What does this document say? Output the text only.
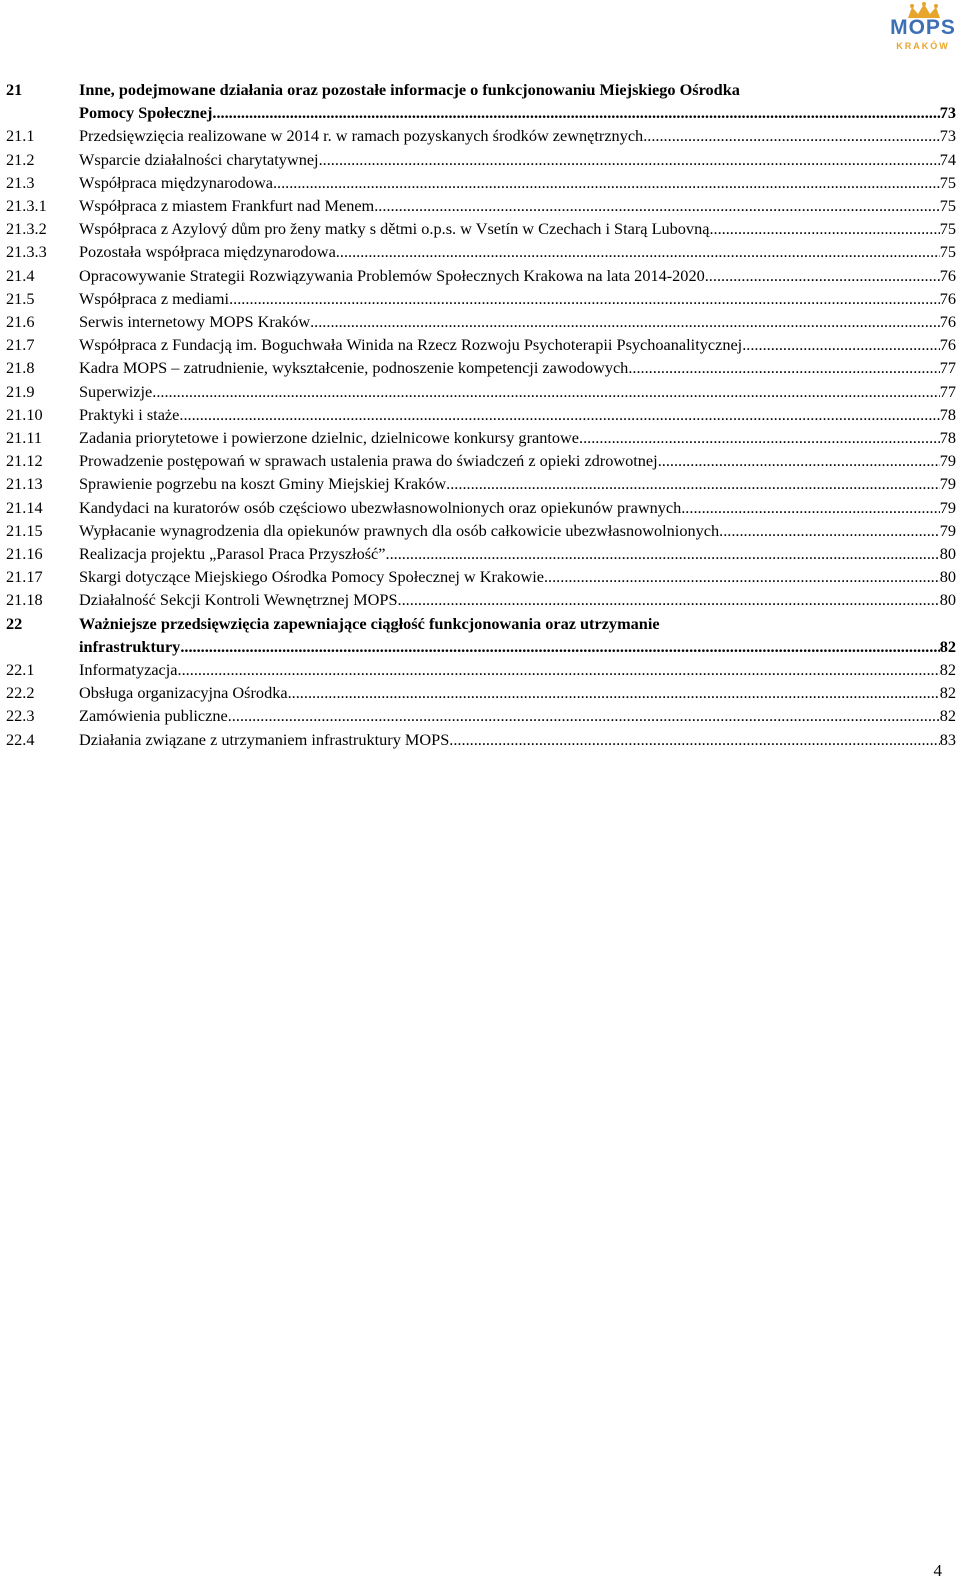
MOPS
KRAKÓW
21	Inne, podejmowane działania oraz pozostałe informacje o funkcjonowaniu Miejskiego Ośrodka
Pomocy Społecznej .....	73
21.1	Przedsięwzięcia realizowane w 2014 r. w ramach pozyskanych środków zewnętrznych .....	73
21.2	Wsparcie działalności charytatywnej .....	74
21.3	Współpraca międzynarodowa .....	75
21.3.1	Współpraca z miastem Frankfurt nad Menem .....	75
21.3.2	Współpraca z Azylový dům pro ženy matky s dětmi o.p.s. w Vsetín w Czechach i Starą Lubovną .....	75
21.3.3	Pozostała współpraca międzynarodowa .....	75
21.4	Opracowywanie Strategii Rozwiązywania Problemów Społecznych Krakowa na lata 2014-2020 .....	76
21.5	Współpraca z mediami .....	76
21.6	Serwis internetowy MOPS Kraków .....	76
21.7	Współpraca z Fundacją im. Boguchwała Winida na Rzecz Rozwoju Psychoterapii Psychoanalitycznej .....	76
21.8	Kadra MOPS – zatrudnienie, wykształcenie, podnoszenie kompetencji zawodowych .....	77
21.9	Superwizje .....	77
21.10	Praktyki i staże .....	78
21.11	Zadania priorytetowe i powierzone dzielnic, dzielnicowe konkursy grantowe .....	78
21.12	Prowadzenie postępowań w sprawach ustalenia prawa do świadczeń z opieki zdrowotnej .....	79
21.13	Sprawienie pogrzebu na koszt Gminy Miejskiej Kraków .....	79
21.14	Kandydaci na kuratorów osób częściowo ubezwłasnowolnionych oraz opiekunów prawnych .....	79
21.15	Wypłacanie wynagrodzenia dla opiekunów prawnych dla osób całkowicie ubezwłasnowolnionych .....	79
21.16	Realizacja projektu „Parasol Praca Przyszłość” .....	80
21.17	Skargi dotyczące Miejskiego Ośrodka Pomocy Społecznej w Krakowie .....	80
21.18	Działalność Sekcji Kontroli Wewnętrznej MOPS .....	80
22	Ważniejsze przedsięwzięcia zapewniające ciągłość funkcjonowania oraz utrzymanie
infrastruktury .....	82
22.1	Informatyzacja .....	82
22.2	Obsługa organizacyjna Ośrodka .....	82
22.3	Zamówienia publiczne .....	82
22.4	Działania związane z utrzymaniem infrastruktury MOPS .....	83
4
